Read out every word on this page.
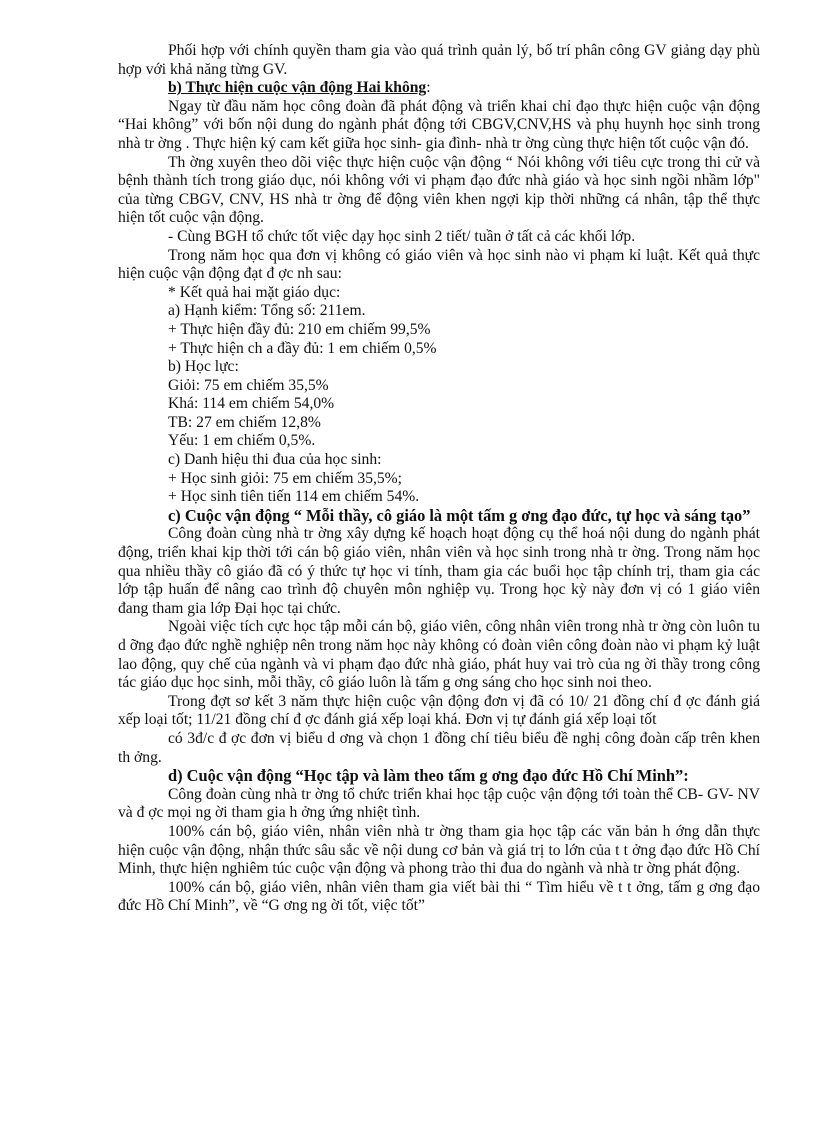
Phối hợp với chính quyền tham gia vào quá trình quản lý, bố trí phân công GV giảng dạy phù hợp với khả năng từng GV.

b) Thực hiện cuộc vận động Hai không:

Ngay từ đầu năm học công đoàn đã phát động và triển khai chỉ đạo thực hiện cuộc vận động “Hai không” với bốn nội dung do ngành phát động tới CBGV,CNV,HS và phụ huynh học sinh trong nhà tr ờng . Thực hiện ký cam kết giữa học sinh- gia đình- nhà tr ờng cùng thực hiện tốt cuộc vận đó.

Th ờng xuyên theo dõi việc thực hiện cuộc vận động “ Nói không với tiêu cực trong thi cử và bệnh thành tích trong giáo dục, nói không với vi phạm đạo đức nhà giáo và học sinh ngồi nhầm lớp" của từng CBGV, CNV, HS nhà tr ờng để động viên khen ngợi kịp thời những cá nhân, tập thể thực hiện tốt cuộc vận động.

- Cùng BGH tổ chức tốt việc dạy học sinh 2 tiết/ tuần ở tất cả các khối lớp.

Trong năm học qua đơn vị không có giáo viên và học sinh nào vi phạm kỉ luật. Kết quả thực hiện cuộc vận động đạt đ ợc nh sau:

* Kết quả hai mặt giáo dục:

a) Hạnh kiểm: Tổng số: 211em.

+ Thực hiện đầy đủ: 210 em chiếm 99,5%

+ Thực hiện ch a đầy đủ: 1 em chiếm 0,5%

b) Học lực:

Giỏi: 75 em chiếm 35,5%

Khá: 114 em chiếm 54,0%

TB: 27 em chiếm 12,8%

Yếu: 1 em chiếm 0,5%.

c) Danh hiệu thi đua của học sinh:

+ Học sinh giỏi: 75 em chiếm 35,5%;

+ Học sinh tiên tiến 114 em chiếm 54%.

c) Cuộc vận động “ Mỗi thầy, cô giáo là một tấm g ơng đạo đức, tự học và sáng tạo”

Công đoàn cùng nhà tr ờng xây dựng kế hoạch hoạt động cụ thể hoá nội dung do ngành phát động, triển khai kịp thời tới cán bộ giáo viên, nhân viên và học sinh trong nhà tr ờng. Trong năm học qua nhiều thầy cô giáo đã có ý thức tự học vi tính, tham gia các buổi học tập chính trị, tham gia các lớp tập huấn để nâng cao trình độ chuyên môn nghiệp vụ. Trong học kỳ này đơn vị có 1 giáo viên đang tham gia lớp Đại học tại chức.

Ngoài việc tích cực học tập mỗi cán bộ, giáo viên, công nhân viên trong nhà tr ờng còn luôn tu d ỡng đạo đức nghề nghiệp nên trong năm học này không có đoàn viên công đoàn nào vi phạm kỷ luật lao động, quy chế của ngành và vi phạm đạo đức nhà giáo, phát huy vai trò của ng ời thầy trong công tác giáo dục học sinh, mỗi thầy, cô giáo luôn là tấm g ơng sáng cho học sinh noi theo.

Trong đợt sơ kết 3 năm thực hiện cuộc vận động đơn vị đã có 10/ 21 đồng chí đ ợc đánh giá xếp loại tốt; 11/21 đồng chí đ ợc đánh giá xếp loại khá. Đơn vị tự đánh giá xếp loại tốt

có 3đ/c đ ợc đơn vị biểu d ơng và chọn 1 đồng chí tiêu biểu đề nghị công đoàn cấp trên khen th ởng.

d) Cuộc vận động “Học tập và làm theo tấm g ơng đạo đức Hồ Chí Minh”:

Công đoàn cùng nhà tr ờng tổ chức triển khai học tập cuộc vận động tới toàn thể CB- GV- NV và đ ợc mọi ng ời tham gia h ởng ứng nhiệt tình.

100% cán bộ, giáo viên, nhân viên nhà tr ờng tham gia học tập các văn bản h ớng dẫn thực hiện cuộc vận động, nhận thức sâu sắc về nội dung cơ bản và giá trị to lớn của t t ởng đạo đức Hồ Chí Minh, thực hiện nghiêm túc cuộc vận động và phong trào thi đua do ngành và nhà tr ờng phát động.

100% cán bộ, giáo viên, nhân viên tham gia viết bài thi “ Tìm hiểu về t t ởng, tấm g ơng đạo đức Hồ Chí Minh”, về “G ơng ng ời tốt, việc tốt”
